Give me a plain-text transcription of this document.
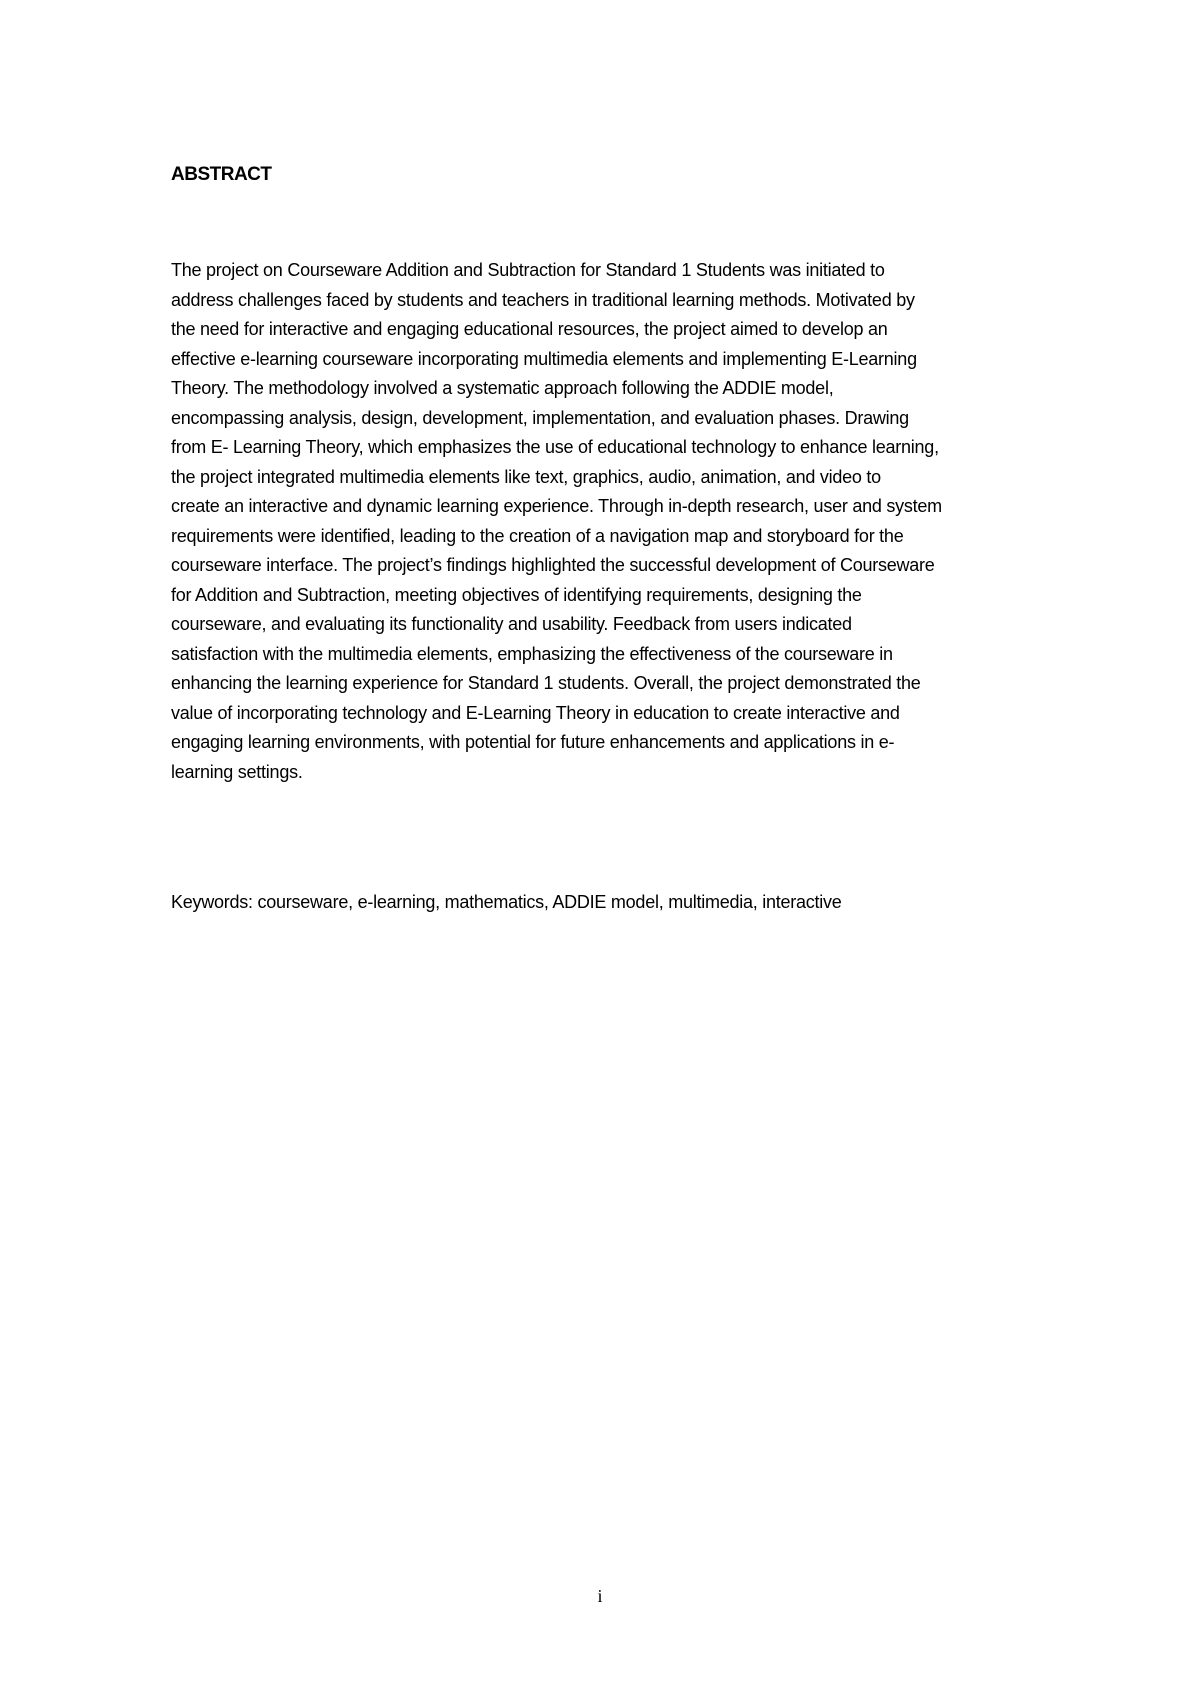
ABSTRACT

The project on Courseware Addition and Subtraction for Standard 1 Students was initiated to
address challenges faced by students and teachers in traditional learning methods. Motivated by
the need for interactive and engaging educational resources, the project aimed to develop an
effective e-learning courseware incorporating multimedia elements and implementing E-Learning
Theory. The methodology involved a systematic approach following the ADDIE model,
encompassing analysis, design, development, implementation, and evaluation phases. Drawing
from E- Learning Theory, which emphasizes the use of educational technology to enhance learning,
the project integrated multimedia elements like text, graphics, audio, animation, and video to
create an interactive and dynamic learning experience. Through in-depth research, user and system
requirements were identified, leading to the creation of a navigation map and storyboard for the
courseware interface. The project’s findings highlighted the successful development of Courseware
for Addition and Subtraction, meeting objectives of identifying requirements, designing the
courseware, and evaluating its functionality and usability. Feedback from users indicated
satisfaction with the multimedia elements, emphasizing the effectiveness of the courseware in
enhancing the learning experience for Standard 1 students. Overall, the project demonstrated the
value of incorporating technology and E-Learning Theory in education to create interactive and
engaging learning environments, with potential for future enhancements and applications in e-
learning settings.

Keywords: courseware, e-learning, mathematics, ADDIE model, multimedia, interactive

i
